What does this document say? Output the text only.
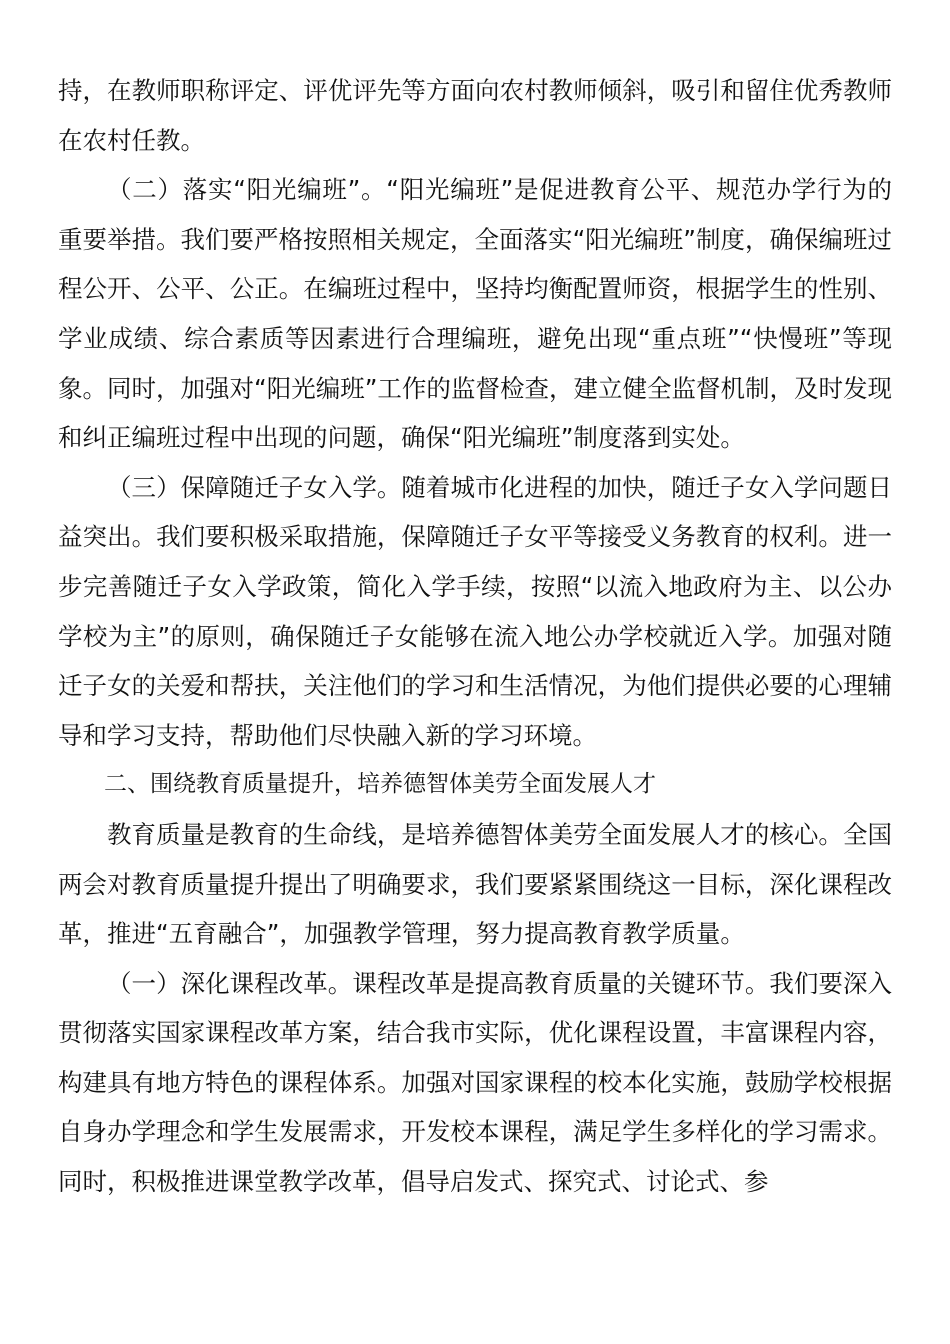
持，在教师职称评定、评优评先等方面向农村教师倾斜，吸引和留住优秀教师在农村任教。

（二）落实“阳光编班”。“阳光编班”是促进教育公平、规范办学行为的重要举措。我们要严格按照相关规定，全面落实“阳光编班”制度，确保编班过程公开、公平、公正。在编班过程中，坚持均衡配置师资，根据学生的性别、学业成绩、综合素质等因素进行合理编班，避免出现“重点班”“快慢班”等现象。同时，加强对“阳光编班”工作的监督检查，建立健全监督机制，及时发现和纠正编班过程中出现的问题，确保“阳光编班”制度落到实处。

（三）保障随迁子女入学。随着城市化进程的加快，随迁子女入学问题日益突出。我们要积极采取措施，保障随迁子女平等接受义务教育的权利。进一步完善随迁子女入学政策，简化入学手续，按照“以流入地政府为主、以公办学校为主”的原则，确保随迁子女能够在流入地公办学校就近入学。加强对随迁子女的关爱和帮扶，关注他们的学习和生活情况，为他们提供必要的心理辅导和学习支持，帮助他们尽快融入新的学习环境。

二、围绕教育质量提升，培养德智体美劳全面发展人才

教育质量是教育的生命线，是培养德智体美劳全面发展人才的核心。全国两会对教育质量提升提出了明确要求，我们要紧紧围绕这一目标，深化课程改革，推进“五育融合”，加强教学管理，努力提高教育教学质量。

（一）深化课程改革。课程改革是提高教育质量的关键环节。我们要深入贯彻落实国家课程改革方案，结合我市实际，优化课程设置，丰富课程内容，构建具有地方特色的课程体系。加强对国家课程的校本化实施，鼓励学校根据自身办学理念和学生发展需求，开发校本课程，满足学生多样化的学习需求。同时，积极推进课堂教学改革，倡导启发式、探究式、讨论式、参
